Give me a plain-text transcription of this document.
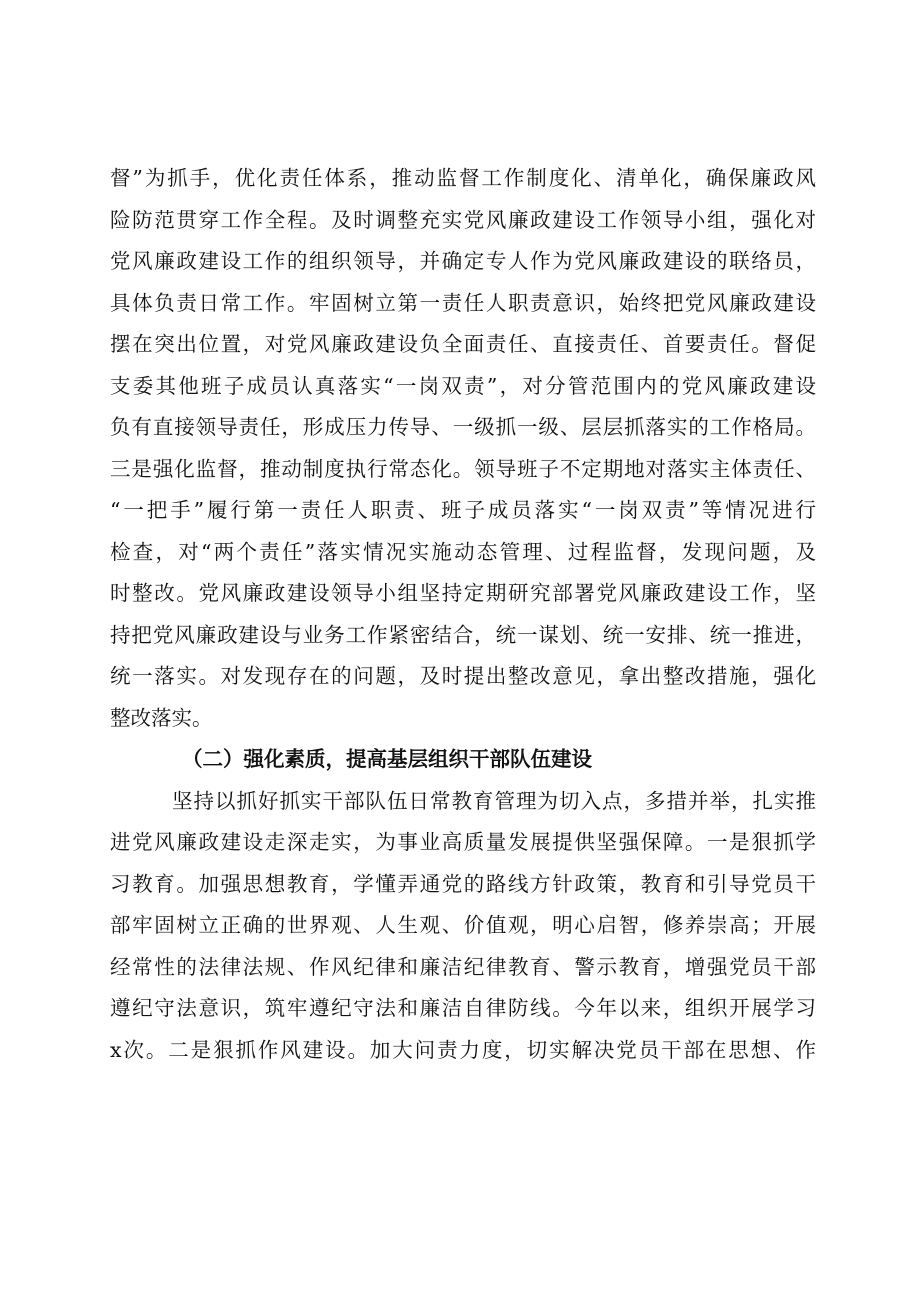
督”为抓手，优化责任体系，推动监督工作制度化、清单化，确保廉政风
险防范贯穿工作全程。及时调整充实党风廉政建设工作领导小组，强化对
党风廉政建设工作的组织领导，并确定专人作为党风廉政建设的联络员，
具体负责日常工作。牢固树立第一责任人职责意识，始终把党风廉政建设
摆在突出位置，对党风廉政建设负全面责任、直接责任、首要责任。督促
支委其他班子成员认真落实“一岗双责”，对分管范围内的党风廉政建设
负有直接领导责任，形成压力传导、一级抓一级、层层抓落实的工作格局。
三是强化监督，推动制度执行常态化。领导班子不定期地对落实主体责任、
“一把手”履行第一责任人职责、班子成员落实“一岗双责”等情况进行
检查，对“两个责任”落实情况实施动态管理、过程监督，发现问题，及
时整改。党风廉政建设领导小组坚持定期研究部署党风廉政建设工作，坚
持把党风廉政建设与业务工作紧密结合，统一谋划、统一安排、统一推进，
统一落实。对发现存在的问题，及时提出整改意见，拿出整改措施，强化
整改落实。
（二）强化素质，提高基层组织干部队伍建设
坚持以抓好抓实干部队伍日常教育管理为切入点，多措并举，扎实推
进党风廉政建设走深走实，为事业高质量发展提供坚强保障。一是狠抓学
习教育。加强思想教育，学懂弄通党的路线方针政策，教育和引导党员干
部牢固树立正确的世界观、人生观、价值观，明心启智，修养崇高；开展
经常性的法律法规、作风纪律和廉洁纪律教育、警示教育，增强党员干部
遵纪守法意识，筑牢遵纪守法和廉洁自律防线。今年以来，组织开展学习
x次。二是狠抓作风建设。加大问责力度，切实解决党员干部在思想、作
